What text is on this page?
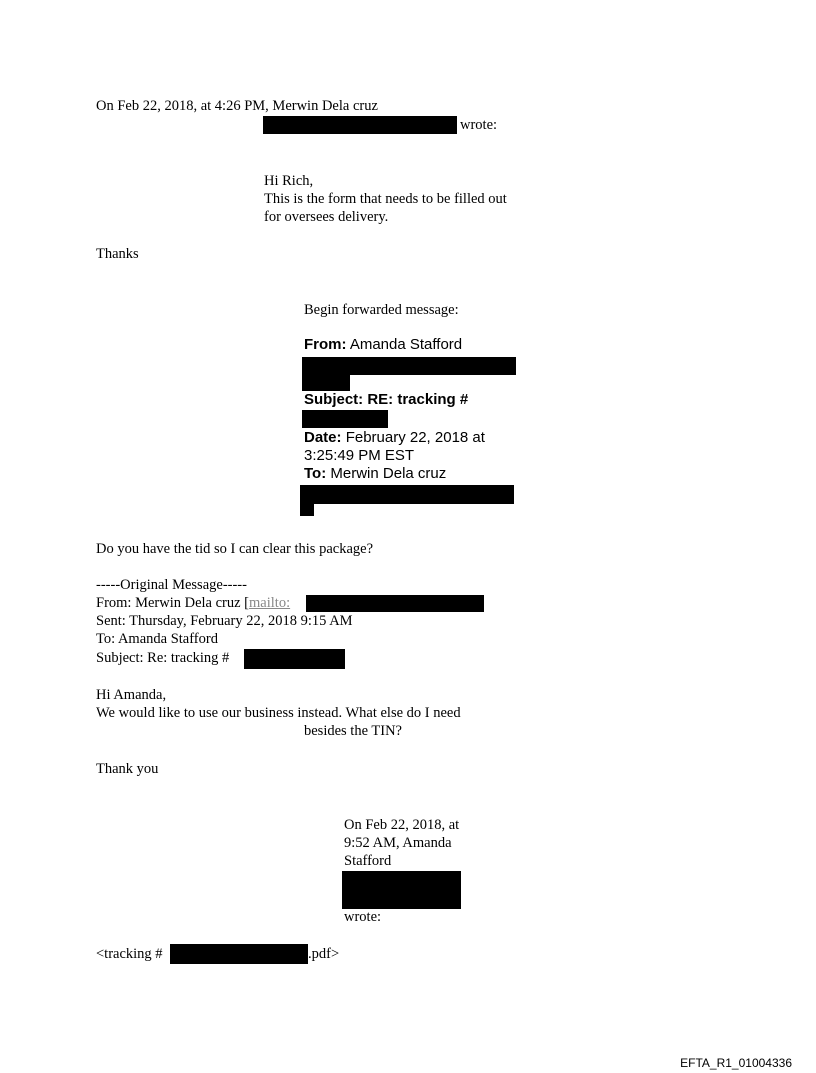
On Feb 22, 2018, at 4:26 PM, Merwin Dela cruz
wrote:
Hi Rich,
This is the form that needs to be filled out
for oversees delivery.
Thanks
Begin forwarded message:
From: Amanda Stafford
Subject: RE: tracking #
Date: February 22, 2018 at
3:25:49 PM EST
To: Merwin Dela cruz
Do you have the tid so I can clear this package?
-----Original Message-----
From: Merwin Dela cruz [mailto:
Sent: Thursday, February 22, 2018 9:15 AM
To: Amanda Stafford
Subject: Re: tracking #
Hi Amanda,
We would like to use our business instead. What else do I need
besides the TIN?
Thank you
On Feb 22, 2018, at
9:52 AM, Amanda
Stafford
wrote:
<tracking #	.pdf>
EFTA_R1_01004336
